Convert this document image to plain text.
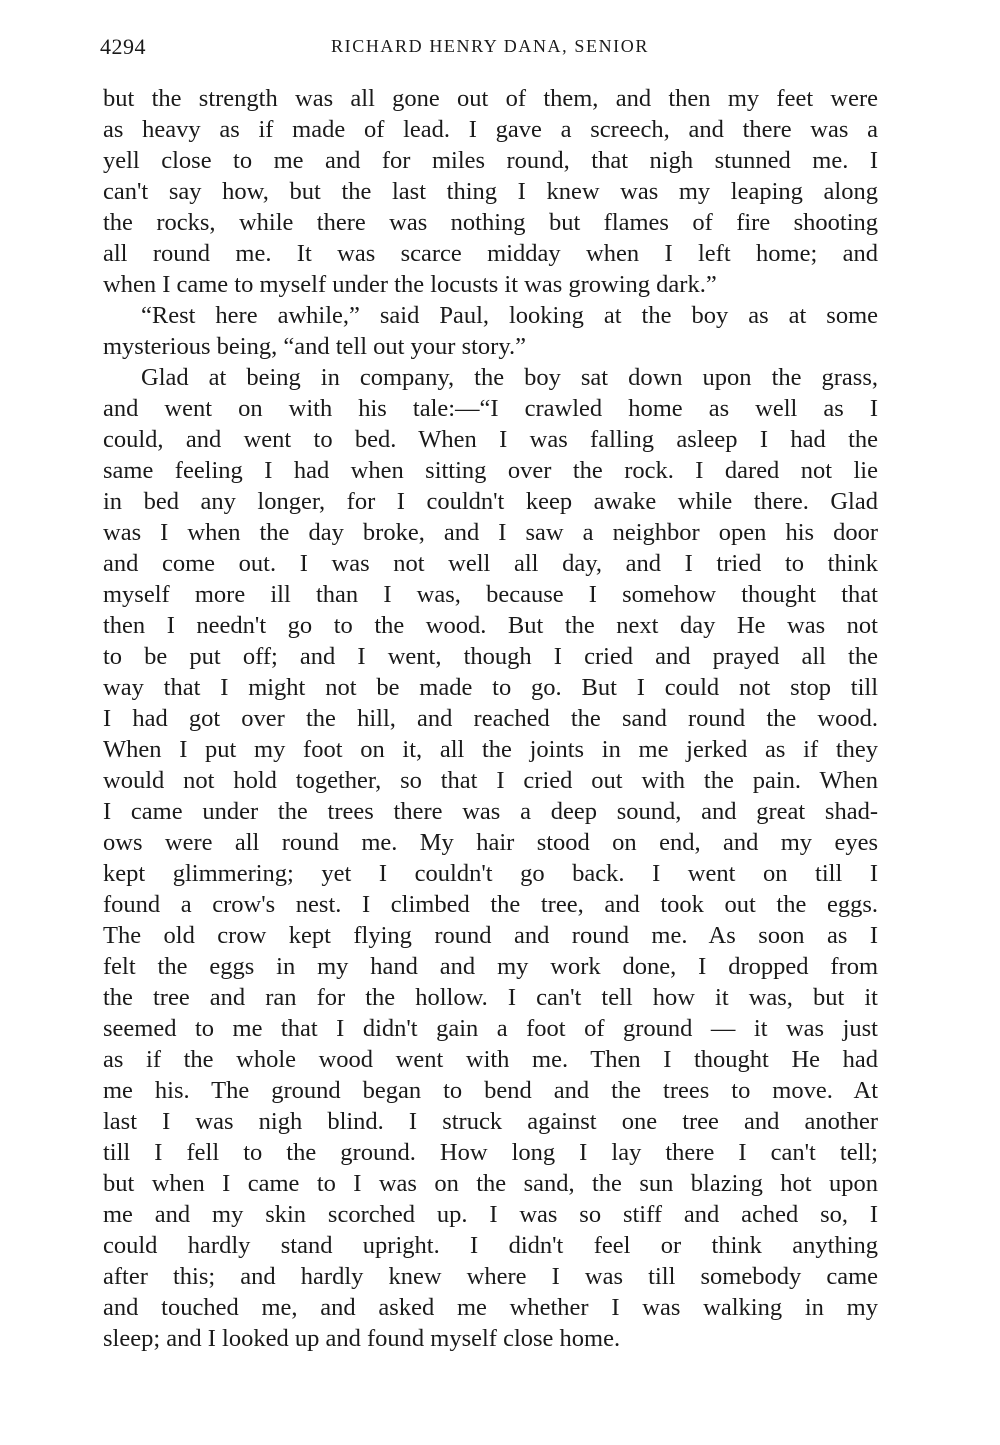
4294	RICHARD HENRY DANA, SENIOR
but the strength was all gone out of them, and then my feet were
as heavy as if made of lead. I gave a screech, and there was a
yell close to me and for miles round, that nigh stunned me. I
can't say how, but the last thing I knew was my leaping along
the rocks, while there was nothing but flames of fire shooting
all round me. It was scarce midday when I left home; and
when I came to myself under the locusts it was growing dark.”
“Rest here awhile,” said Paul, looking at the boy as at some
mysterious being, “and tell out your story.”
Glad at being in company, the boy sat down upon the grass,
and went on with his tale:—“I crawled home as well as I
could, and went to bed. When I was falling asleep I had the
same feeling I had when sitting over the rock. I dared not lie
in bed any longer, for I couldn't keep awake while there. Glad
was I when the day broke, and I saw a neighbor open his door
and come out. I was not well all day, and I tried to think
myself more ill than I was, because I somehow thought that
then I needn't go to the wood. But the next day He was not
to be put off; and I went, though I cried and prayed all the
way that I might not be made to go. But I could not stop till
I had got over the hill, and reached the sand round the wood.
When I put my foot on it, all the joints in me jerked as if they
would not hold together, so that I cried out with the pain. When
I came under the trees there was a deep sound, and great shad-
ows were all round me. My hair stood on end, and my eyes
kept glimmering; yet I couldn't go back. I went on till I
found a crow's nest. I climbed the tree, and took out the eggs.
The old crow kept flying round and round me. As soon as I
felt the eggs in my hand and my work done, I dropped from
the tree and ran for the hollow. I can't tell how it was, but it
seemed to me that I didn't gain a foot of ground — it was just
as if the whole wood went with me. Then I thought He had
me his. The ground began to bend and the trees to move. At
last I was nigh blind. I struck against one tree and another
till I fell to the ground. How long I lay there I can't tell;
but when I came to I was on the sand, the sun blazing hot upon
me and my skin scorched up. I was so stiff and ached so, I
could hardly stand upright. I didn't feel or think anything
after this; and hardly knew where I was till somebody came
and touched me, and asked me whether I was walking in my
sleep; and I looked up and found myself close home.
